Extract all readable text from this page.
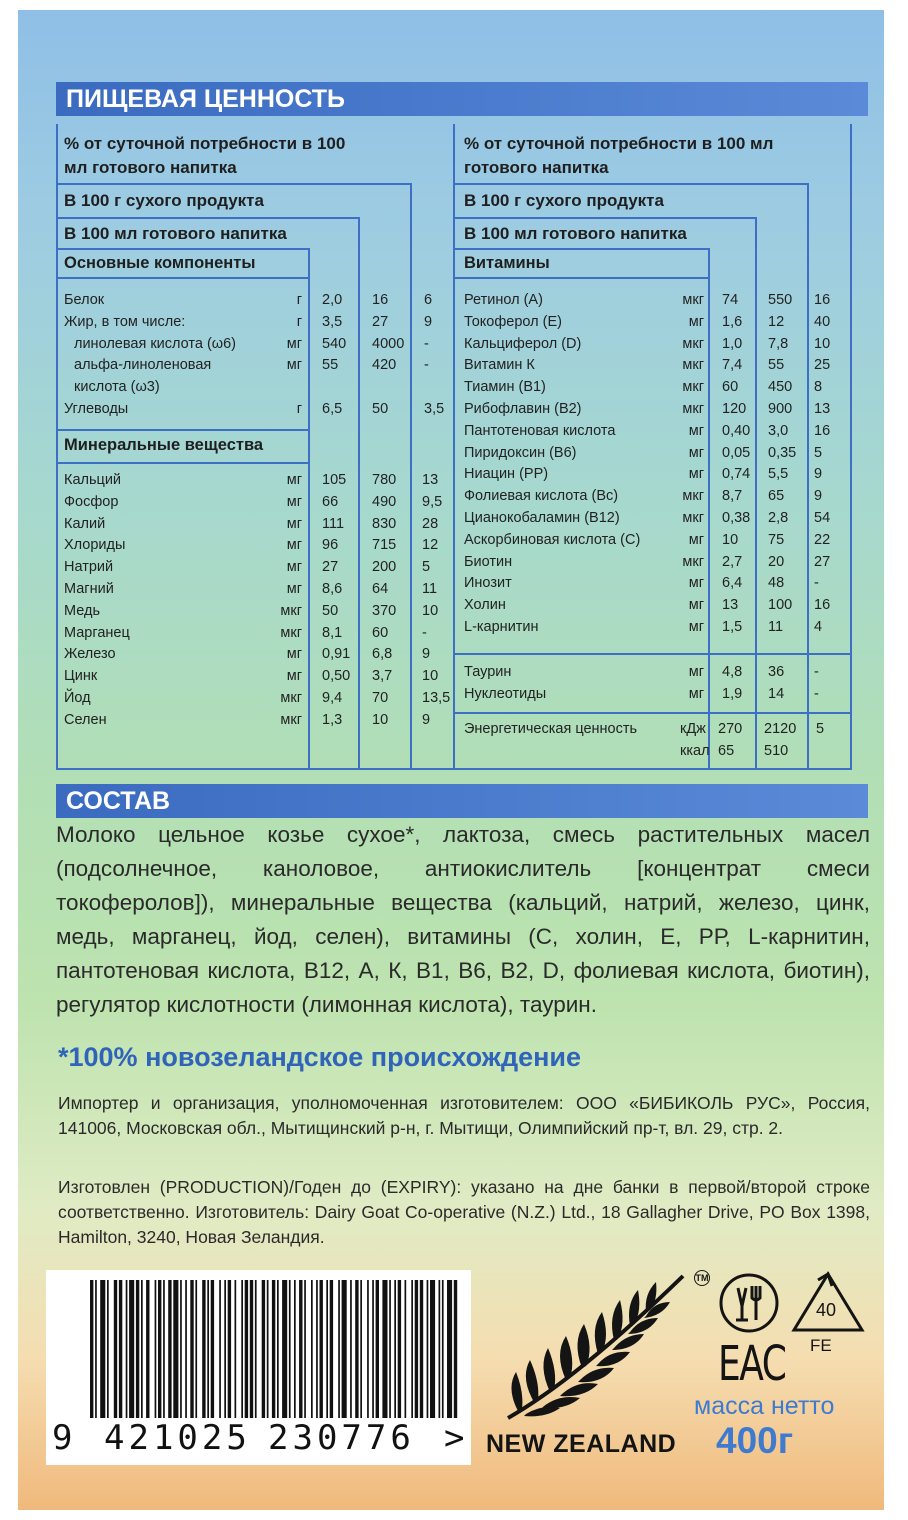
ПИЩЕВАЯ ЦЕННОСТЬ
% от суточной потребности в 100 мл готового напитка
В 100 г сухого продукта
В 100 мл готового напитка
Основные компоненты
Минеральные вещества
% от суточной потребности в 100 мл готового напитка
В 100 г сухого продукта
В 100 мл готового напитка
Витамины
Белок	г 2,0 16 6
Жир, в том числе:	г 3,5 27 9
линолевая кислота (ω6)	мг 540 4000 -
альфа-линоленовая	мг 55 420 -
кислота (ω3)
Углеводы	г 6,5 50 3,5
Кальций	мг 105 780 13
Фосфор	мг 66 490 9,5
Калий	мг 111 830 28
Хлориды	мг 96 715 12
Натрий	мг 27 200 5
Магний	мг 8,6 64 11
Медь	мкг 50 370 10
Марганец	мкг 8,1 60 -
Железо	мг 0,91 6,8 9
Цинк	мг 0,50 3,7 10
Йод	мкг 9,4 70 13,5
Селен	мкг 1,3 10 9
Ретинол (А)	мкг 74 550 16
Токоферол (Е)	мг 1,6 12 40
Кальциферол (D)	мкг 1,0 7,8 10
Витамин К	мкг 7,4 55 25
Тиамин (В1)	мкг 60 450 8
Рибофлавин (В2)	мкг 120 900 13
Пантотеновая кислота	мг 0,40 3,0 16
Пиридоксин (В6)	мг 0,05 0,35 5
Ниацин (РР)	мг 0,74 5,5 9
Фолиевая кислота (Вс)	мкг 8,7 65 9
Цианокобаламин (В12)	мкг 0,38 2,8 54
Аскорбиновая кислота (С)	мг 10 75 22
Биотин	мкг 2,7 20 27
Инозит	мг 6,4 48 -
Холин	мг 13 100 16
L-карнитин	мг 1,5 11 4
Таурин	мг 4,8 36 -
Нуклеотиды	мг 1,9 14 -
Энергетическая ценность	кДж 270 2120 5
ккал 65 510
СОСТАВ

Молоко цельное козье сухое*, лактоза, смесь растительных масел (подсолнечное, каноловое, антиокислитель [концентрат смеси токоферолов]), минеральные вещества (кальций, натрий, железо, цинк, медь, марганец, йод, селен), витамины (С, холин, Е, РР, L-карнитин, пантотеновая кислота, В12, А, К, В1, В6, В2, D, фолиевая кислота, биотин), регулятор кислотности (лимонная кислота), таурин.

*100% новозеландское происхождение
Импортер и организация, уполномоченная изготовителем: ООО «БИБИКОЛЬ РУС», Россия, 141006, Московская обл., Мытищинский р-н, г. Мытищи, Олимпийский пр-т, вл. 29, стр. 2.
Изготовлен (PRODUCTION)/Годен до (EXPIRY): указано на дне банки в первой/второй строке соответственно. Изготовитель: Dairy Goat Co-operative (N.Z.) Ltd., 18 Gallagher Drive, PO Box 1398, Hamilton, 3240, Новая Зеландия.
9 421025 230776 >
TM
NEW ZEALAND
40
FE
EAC
масса нетто
400г
